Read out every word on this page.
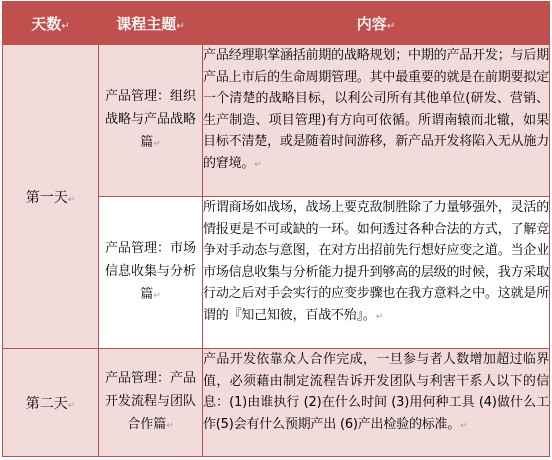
天数↵	课程主题↵	内容↵
第一天↵	产品管理：组织战略与产品战略篇↵	产品经理职掌涵括前期的战略规划；中期的产品开发；与后期产品上市后的生命周期管理。其中最重要的就是在前期要拟定一个清楚的战略目标，以利公司所有其他单位(研发、营销、生产制造、项目管理)有方向可依循。所谓南辕而北辙，如果目标不清楚，或是随着时间游移，新产品开发将陷入无从施力的窘境。↵
	产品管理：市场信息收集与分析篇↵	所谓商场如战场，战场上要克敌制胜除了力量够强外，灵活的情报更是不可或缺的一环。如何透过各种合法的方式，了解竞争对手动态与意图，在对方出招前先行想好应变之道。当企业市场信息收集与分析能力提升到够高的层级的时候，我方采取行动之后对手会实行的应变步骤也在我方意料之中。这就是所谓的『知己知彼，百战不殆』。↵
第二天↵	产品管理：产品开发流程与团队合作篇↵	产品开发依靠众人合作完成，一旦参与者人数增加超过临界值，必须藉由制定流程告诉开发团队与利害干系人以下的信息：(1)由谁执行 (2)在什么时间 (3)用何种工具 (4)做什么工作(5)会有什么预期产出 (6)产出检验的标准。↵
